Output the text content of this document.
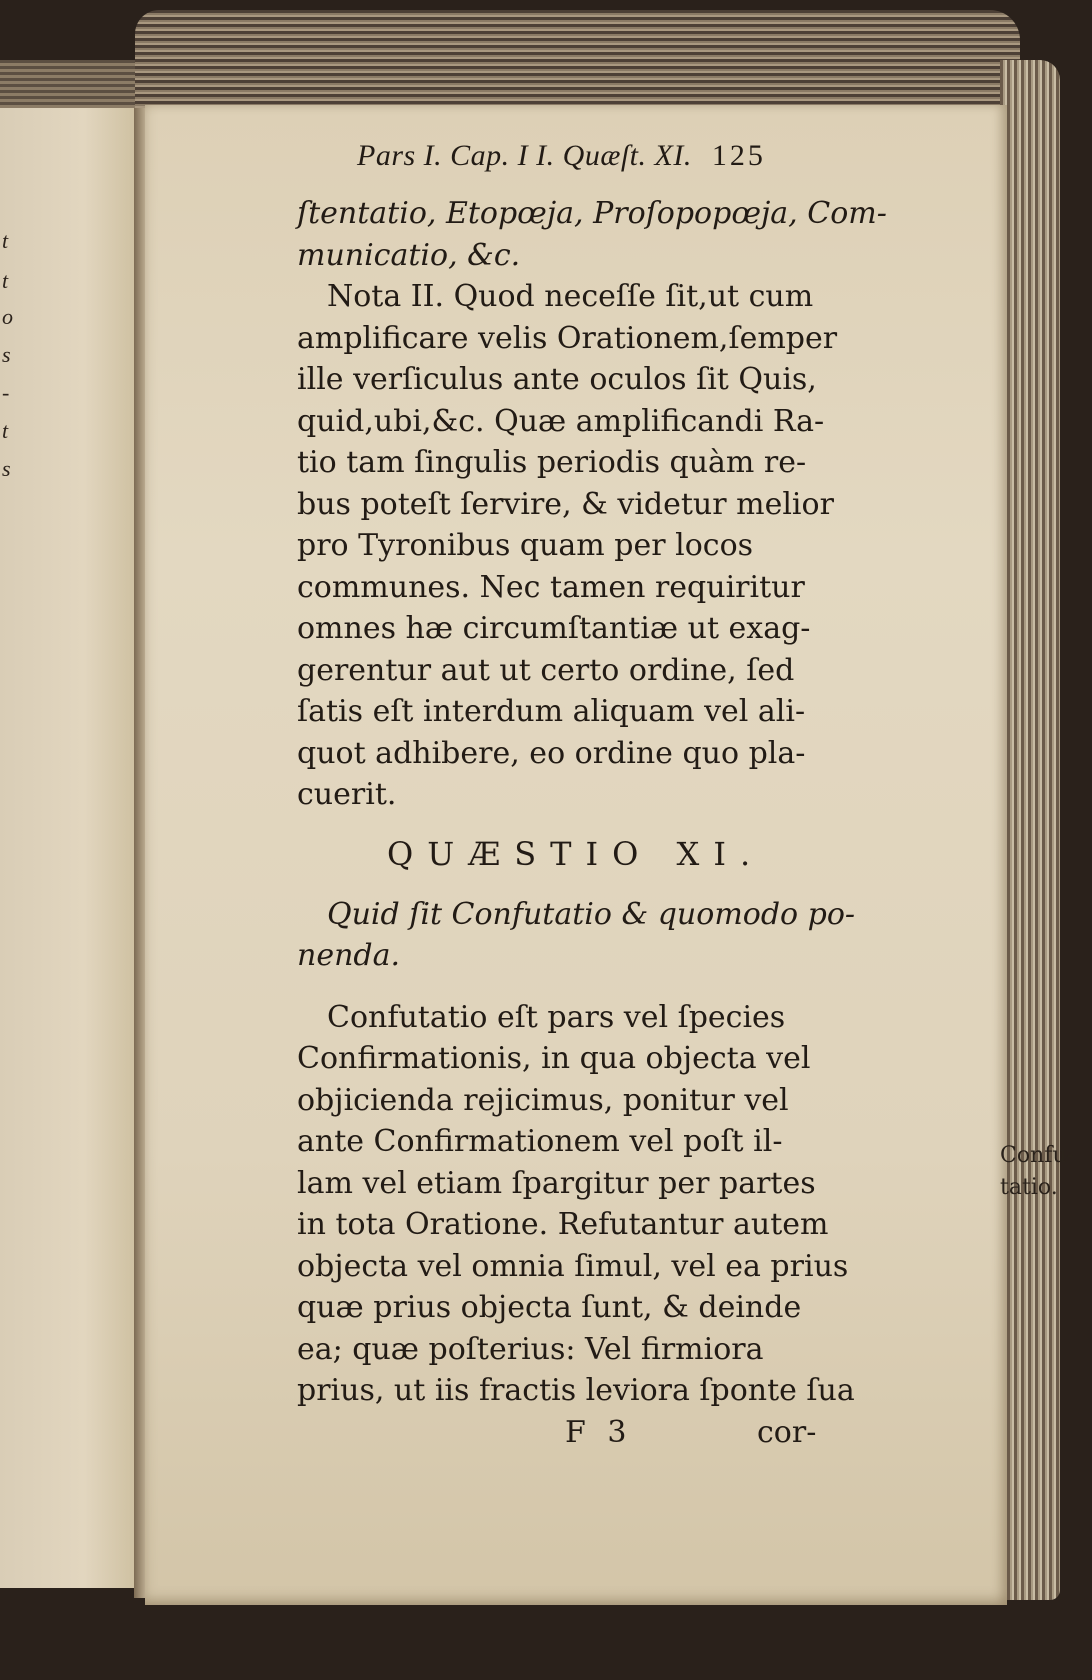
t
t
o
s
-
t
s
Pars I. Cap. I I. Quæſt. XI. 125
ſtentatio, Etopœja, Proſopopœja, Com-
municatio, &c.
Nota II. Quod neceſſe ſit,ut cum
amplificare velis Orationem,ſemper
ille verſiculus ante oculos ſit Quis,
quid,ubi,&c. Quæ amplificandi Ra-
tio tam ſingulis periodis quàm re-
bus poteſt ſervire, & videtur melior
pro Tyronibus quam per locos
communes. Nec tamen requiritur
omnes hæ circumſtantiæ ut exag-
gerentur aut ut certo ordine, ſed
ſatis eſt interdum aliquam vel ali-
quot adhibere, eo ordine quo pla-
cuerit.
QUÆSTIO XI.
Quid ſit Confutatio & quomodo po-
nenda.
Confutatio eſt pars vel ſpecies
Confirmationis, in qua objecta vel
objicienda rejicimus, ponitur vel
ante Confirmationem vel poſt il-
lam vel etiam ſpargitur per partes
in tota Oratione. Refutantur autem
objecta vel omnia ſimul, vel ea prius
quæ prius objecta ſunt, & deinde
ea; quæ poſterius: Vel firmiora
prius, ut iis fractis leviora ſponte ſua
F 3	cor-
Confu-
tatio.
